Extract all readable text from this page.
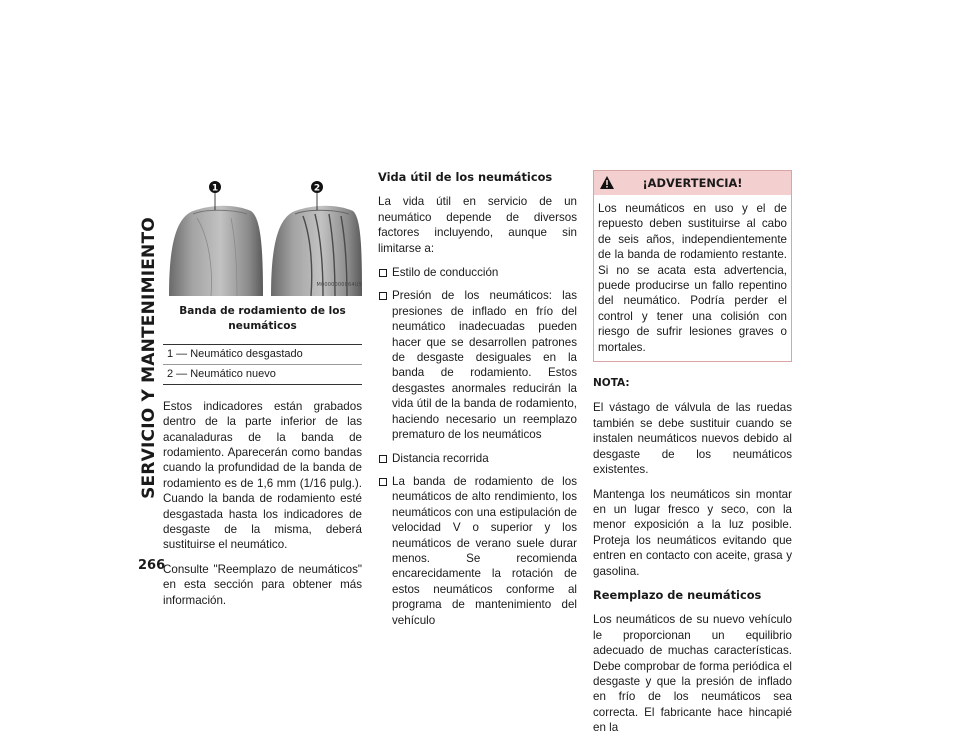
SERVICIO Y MANTENIMIENTO
266
1	2
M0000000064US

Banda de rodamiento de los neumáticos

1 — Neumático desgastado
2 — Neumático nuevo

Estos indicadores están grabados dentro de la parte inferior de las acanaladuras de la banda de rodamiento. Aparecerán como bandas cuando la profundidad de la banda de rodamiento es de 1,6 mm (1/16 pulg.). Cuando la banda de rodamiento esté desgastada hasta los indicadores de desgaste de la misma, deberá sustituirse el neumático.

Consulte "Reemplazo de neumáticos" en esta sección para obtener más información.

Vida útil de los neumáticos

La vida útil en servicio de un neumático depende de diversos factores incluyendo, aunque sin limitarse a:

Estilo de conducción
Presión de los neumáticos: las presiones de inflado en frío del neumático inadecuadas pueden hacer que se desarrollen patrones de desgaste desiguales en la banda de rodamiento. Estos desgastes anormales reducirán la vida útil de la banda de rodamiento, haciendo necesario un reemplazo prematuro de los neumáticos
Distancia recorrida
La banda de rodamiento de los neumáticos de alto rendimiento, los neumáticos con una estipulación de velocidad V o superior y los neumáticos de verano suele durar menos. Se recomienda encarecidamente la rotación de estos neumáticos conforme al programa de mantenimiento del vehículo
¡ADVERTENCIA!
Los neumáticos en uso y el de repuesto deben sustituirse al cabo de seis años, independientemente de la banda de rodamiento restante. Si no se acata esta advertencia, puede producirse un fallo repentino del neumático. Podría perder el control y tener una colisión con riesgo de sufrir lesiones graves o mortales.

NOTA:

El vástago de válvula de las ruedas también se debe sustituir cuando se instalen neumáticos nuevos debido al desgaste de los neumáticos existentes.

Mantenga los neumáticos sin montar en un lugar fresco y seco, con la menor exposición a la luz posible. Proteja los neumáticos evitando que entren en contacto con aceite, grasa y gasolina.

Reemplazo de neumáticos

Los neumáticos de su nuevo vehículo le proporcionan un equilibrio adecuado de muchas características. Debe comprobar de forma periódica el desgaste y que la presión de inflado en frío de los neumáticos sea correcta. El fabricante hace hincapié en la
